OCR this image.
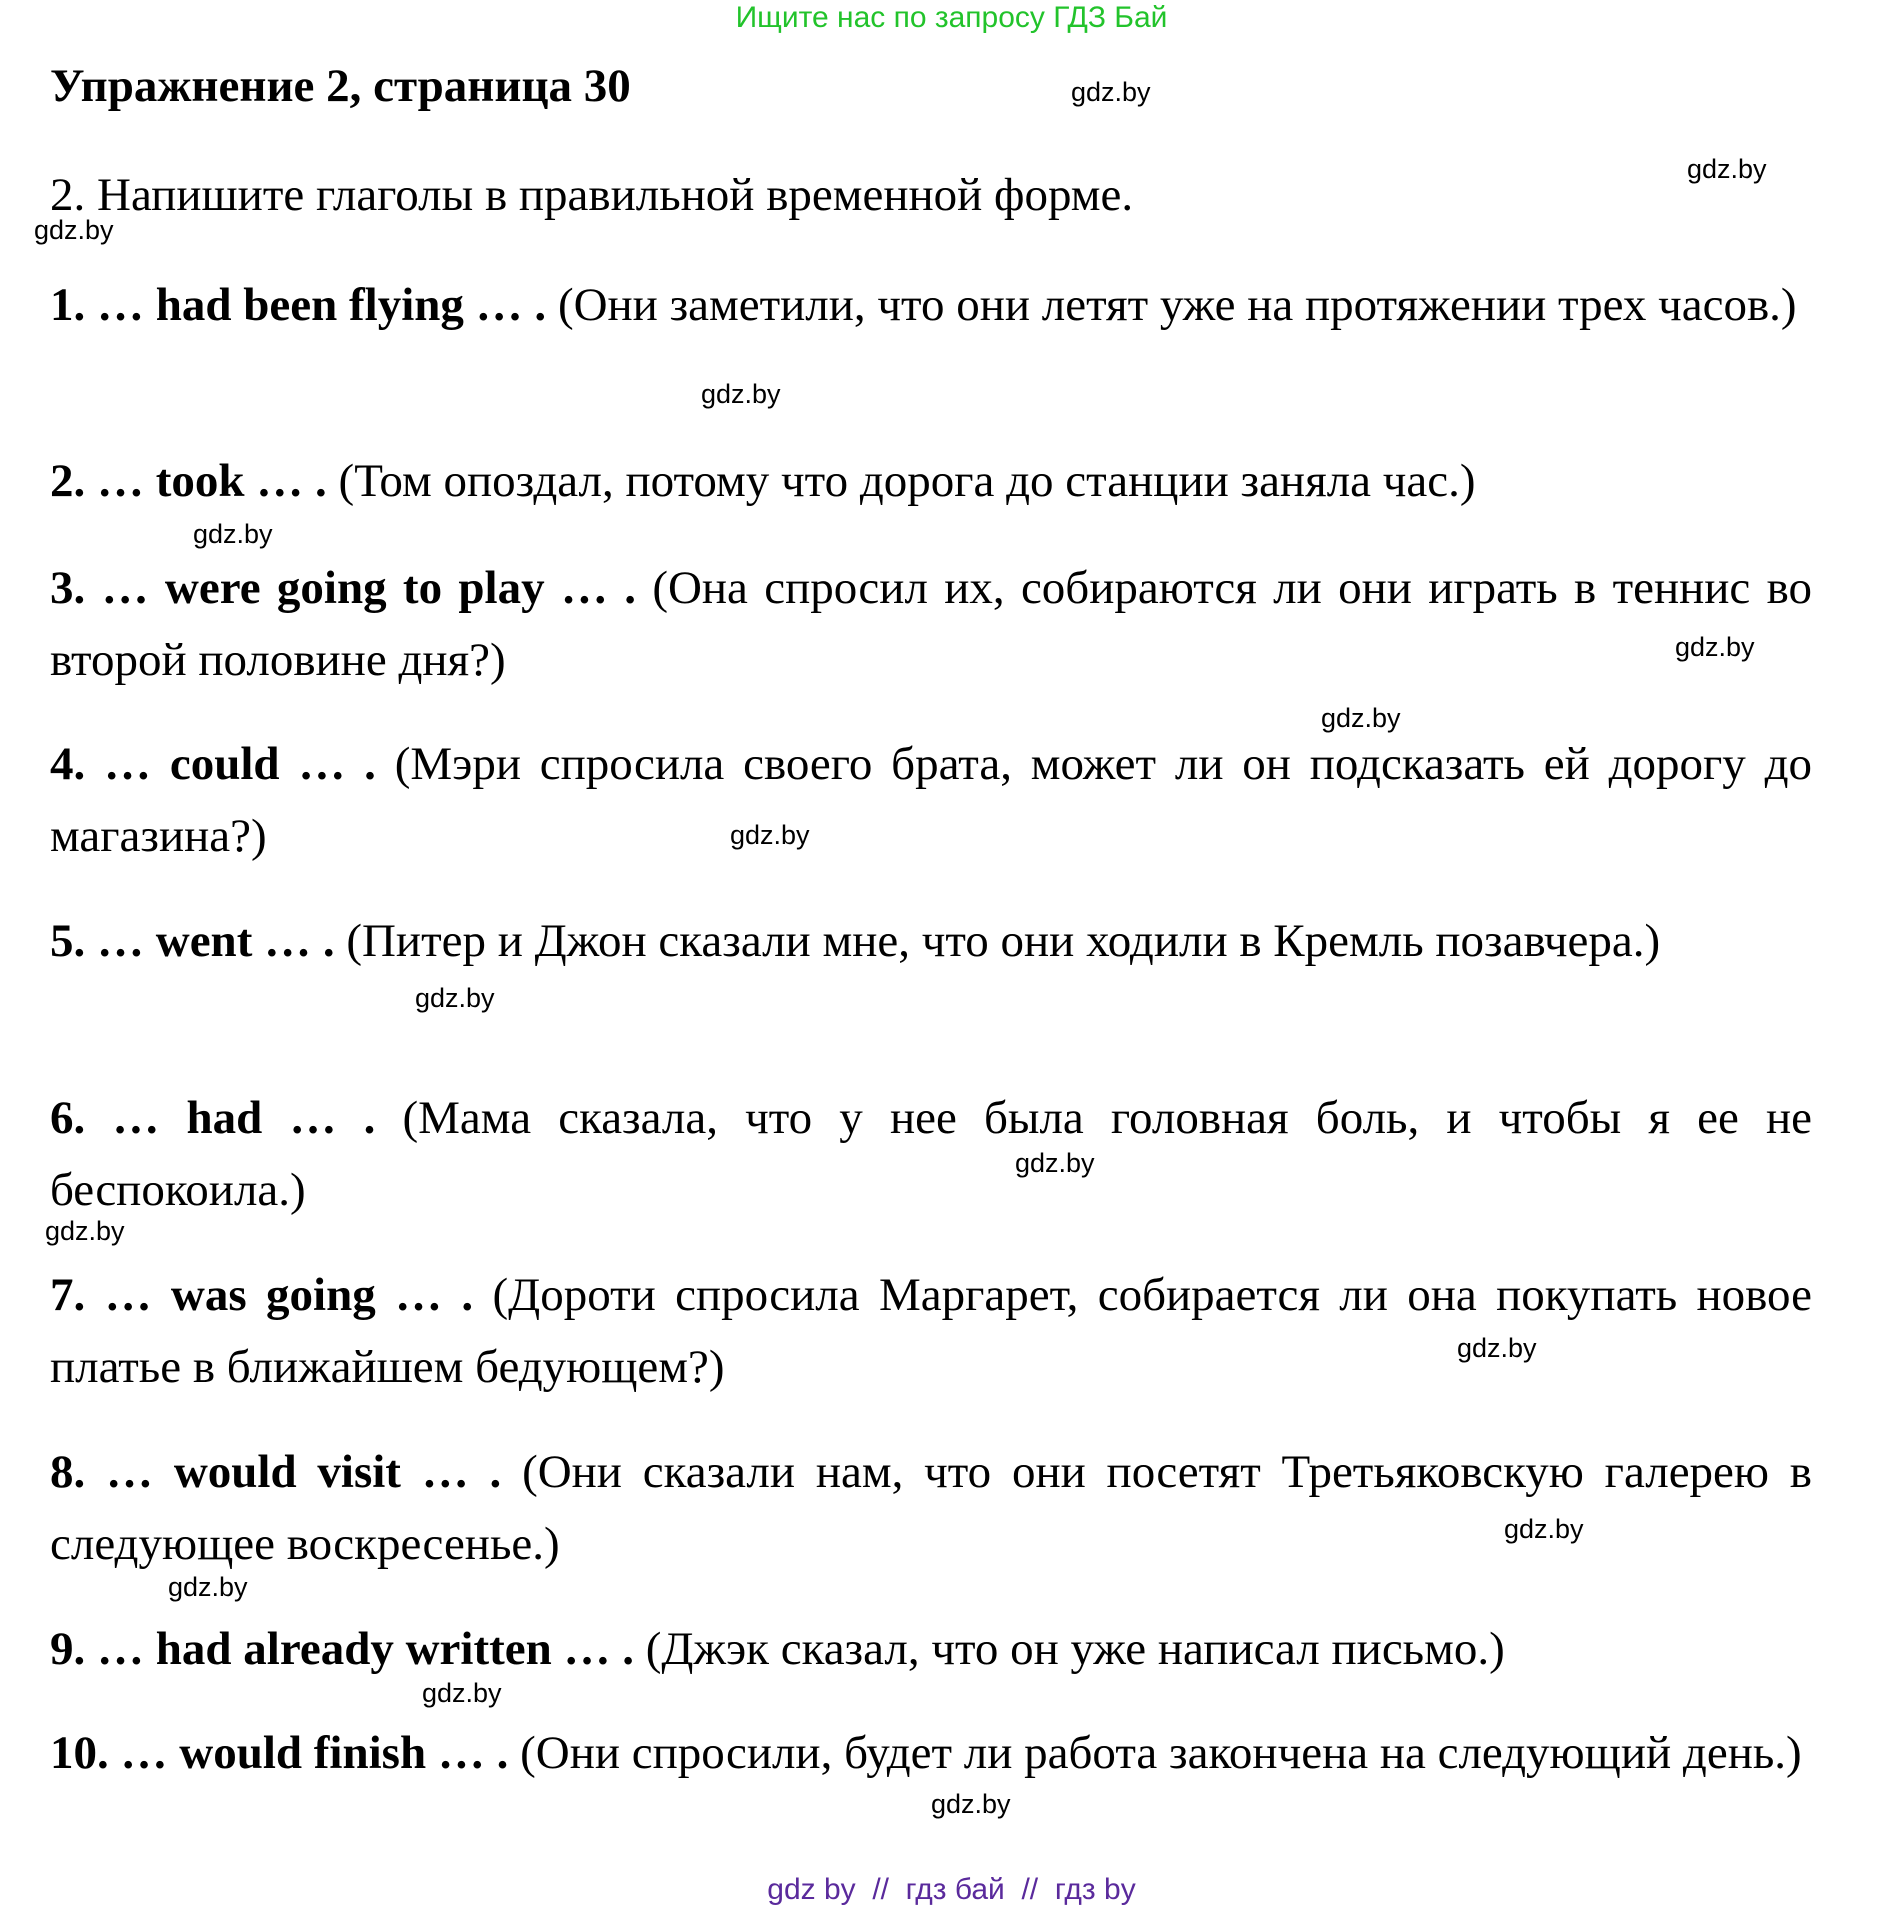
Ищите нас по запросу ГДЗ Бай
Упражнение 2, страница 30
2. Напишите глаголы в правильной временной форме.
1. … had been flying … . (Они заметили, что они летят уже на протяжении трех часов.)
2. … took … . (Том опоздал, потому что дорога до станции заняла час.)
3. … were going to play … . (Она спросил их, собираются ли они играть в теннис во второй половине дня?)
4. … could … . (Мэри спросила своего брата, может ли он подсказать ей дорогу до магазина?)
5. … went … . (Питер и Джон сказали мне, что они ходили в Кремль позавчера.)
6. … had … . (Мама сказала, что у нее была головная боль, и чтобы я ее не беспокоила.)
7. … was going … . (Дороти спросила Маргарет, собирается ли она покупать новое платье в ближайшем бедующем?)
8. … would visit … . (Они сказали нам, что они посетят Третьяковскую галерею в следующее воскресенье.)
9. … had already written … . (Джэк сказал, что он уже написал письмо.)
10. … would finish … . (Они спросили, будет ли работа закончена на следующий день.)
gdz.by
gdz.by
gdz.by
gdz.by
gdz.by
gdz.by
gdz.by
gdz.by
gdz.by
gdz.by
gdz.by
gdz.by
gdz.by
gdz.by
gdz.by
gdz.by
gdz by  //  гдз бай  //  гдз by
